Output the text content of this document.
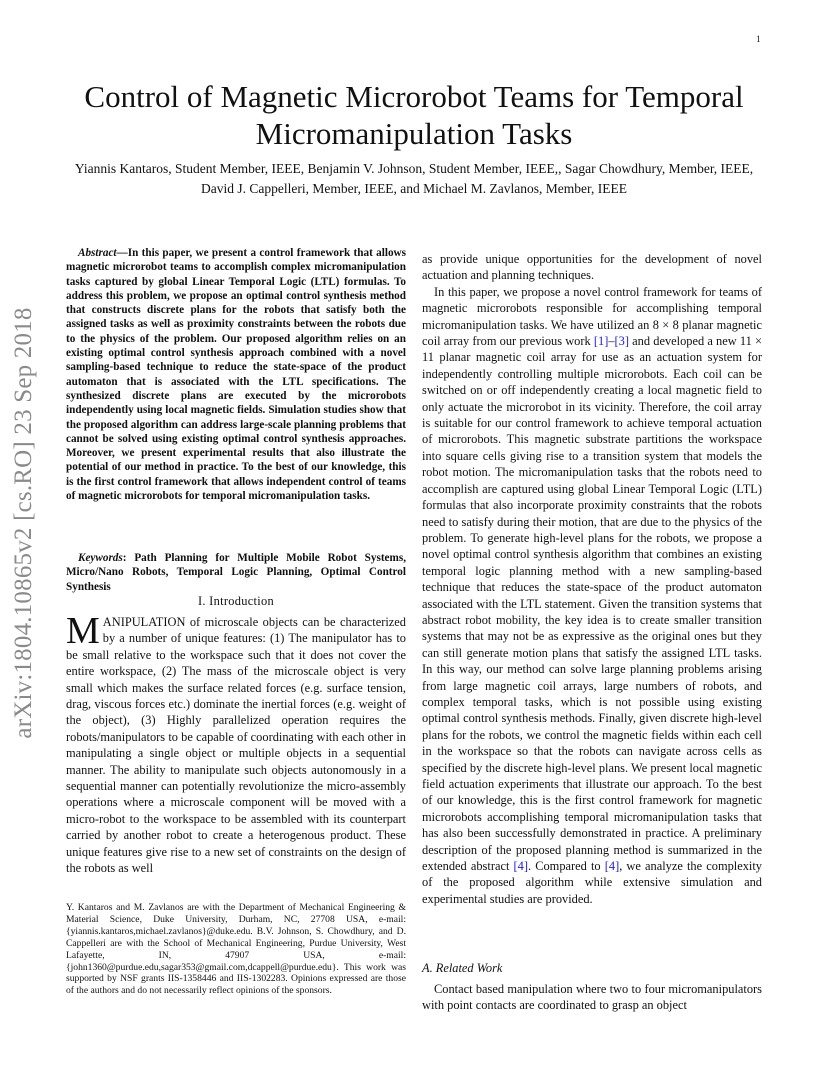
1
Control of Magnetic Microrobot Teams for Temporal Micromanipulation Tasks
Yiannis Kantaros, Student Member, IEEE, Benjamin V. Johnson, Student Member, IEEE,, Sagar Chowdhury, Member, IEEE, David J. Cappelleri, Member, IEEE, and Michael M. Zavlanos, Member, IEEE
arXiv:1804.10865v2 [cs.RO] 23 Sep 2018

Abstract—In this paper, we present a control framework that allows magnetic microrobot teams to accomplish complex micromanipulation tasks captured by global Linear Temporal Logic (LTL) formulas. To address this problem, we propose an optimal control synthesis method that constructs discrete plans for the robots that satisfy both the assigned tasks as well as proximity constraints between the robots due to the physics of the problem. Our proposed algorithm relies on an existing optimal control synthesis approach combined with a novel sampling-based technique to reduce the state-space of the product automaton that is associated with the LTL specifications. The synthesized discrete plans are executed by the microrobots independently using local magnetic fields. Simulation studies show that the proposed algorithm can address large-scale planning problems that cannot be solved using existing optimal control synthesis approaches. Moreover, we present experimental results that also illustrate the potential of our method in practice. To the best of our knowledge, this is the first control framework that allows independent control of teams of magnetic microrobots for temporal micromanipulation tasks.

Keywords: Path Planning for Multiple Mobile Robot Systems, Micro/Nano Robots, Temporal Logic Planning, Optimal Control Synthesis

I. Introduction

MANIPULATION of microscale objects can be characterized by a number of unique features: (1) The manipulator has to be small relative to the workspace such that it does not cover the entire workspace, (2) The mass of the microscale object is very small which makes the surface related forces (e.g. surface tension, drag, viscous forces etc.) dominate the inertial forces (e.g. weight of the object), (3) Highly parallelized operation requires the robots/manipulators to be capable of coordinating with each other in manipulating a single object or multiple objects in a sequential manner. The ability to manipulate such objects autonomously in a sequential manner can potentially revolutionize the micro-assembly operations where a microscale component will be moved with a micro-robot to the workspace to be assembled with its counterpart carried by another robot to create a heterogenous product. These unique features give rise to a new set of constraints on the design of the robots as well

Y. Kantaros and M. Zavlanos are with the Department of Mechanical Engineering & Material Science, Duke University, Durham, NC, 27708 USA, e-mail: {yiannis.kantaros,michael.zavlanos}@duke.edu. B.V. Johnson, S. Chowdhury, and D. Cappelleri are with the School of Mechanical Engineering, Purdue University, West Lafayette, IN, 47907 USA, e-mail: {john1360@purdue.edu,sagar353@gmail.com,dcappell@purdue.edu}. This work was supported by NSF grants IIS-1358446 and IIS-1302283. Opinions expressed are those of the authors and do not necessarily reflect opinions of the sponsors.

as provide unique opportunities for the development of novel actuation and planning techniques.

In this paper, we propose a novel control framework for teams of magnetic microrobots responsible for accomplishing temporal micromanipulation tasks. We have utilized an 8 × 8 planar magnetic coil array from our previous work [1]–[3] and developed a new 11 × 11 planar magnetic coil array for use as an actuation system for independently controlling multiple microrobots. Each coil can be switched on or off independently creating a local magnetic field to only actuate the microrobot in its vicinity. Therefore, the coil array is suitable for our control framework to achieve temporal actuation of microrobots. This magnetic substrate partitions the workspace into square cells giving rise to a transition system that models the robot motion. The micromanipulation tasks that the robots need to accomplish are captured using global Linear Temporal Logic (LTL) formulas that also incorporate proximity constraints that the robots need to satisfy during their motion, that are due to the physics of the problem. To generate high-level plans for the robots, we propose a novel optimal control synthesis algorithm that combines an existing temporal logic planning method with a new sampling-based technique that reduces the state-space of the product automaton associated with the LTL statement. Given the transition systems that abstract robot mobility, the key idea is to create smaller transition systems that may not be as expressive as the original ones but they can still generate motion plans that satisfy the assigned LTL tasks. In this way, our method can solve large planning problems arising from large magnetic coil arrays, large numbers of robots, and complex temporal tasks, which is not possible using existing optimal control synthesis methods. Finally, given discrete high-level plans for the robots, we control the magnetic fields within each cell in the workspace so that the robots can navigate across cells as specified by the discrete high-level plans. We present local magnetic field actuation experiments that illustrate our approach. To the best of our knowledge, this is the first control framework for magnetic microrobots accomplishing temporal micromanipulation tasks that has also been successfully demonstrated in practice. A preliminary description of the proposed planning method is summarized in the extended abstract [4]. Compared to [4], we analyze the complexity of the proposed algorithm while extensive simulation and experimental studies are provided.

A. Related Work

Contact based manipulation where two to four micromanipulators with point contacts are coordinated to grasp an object
